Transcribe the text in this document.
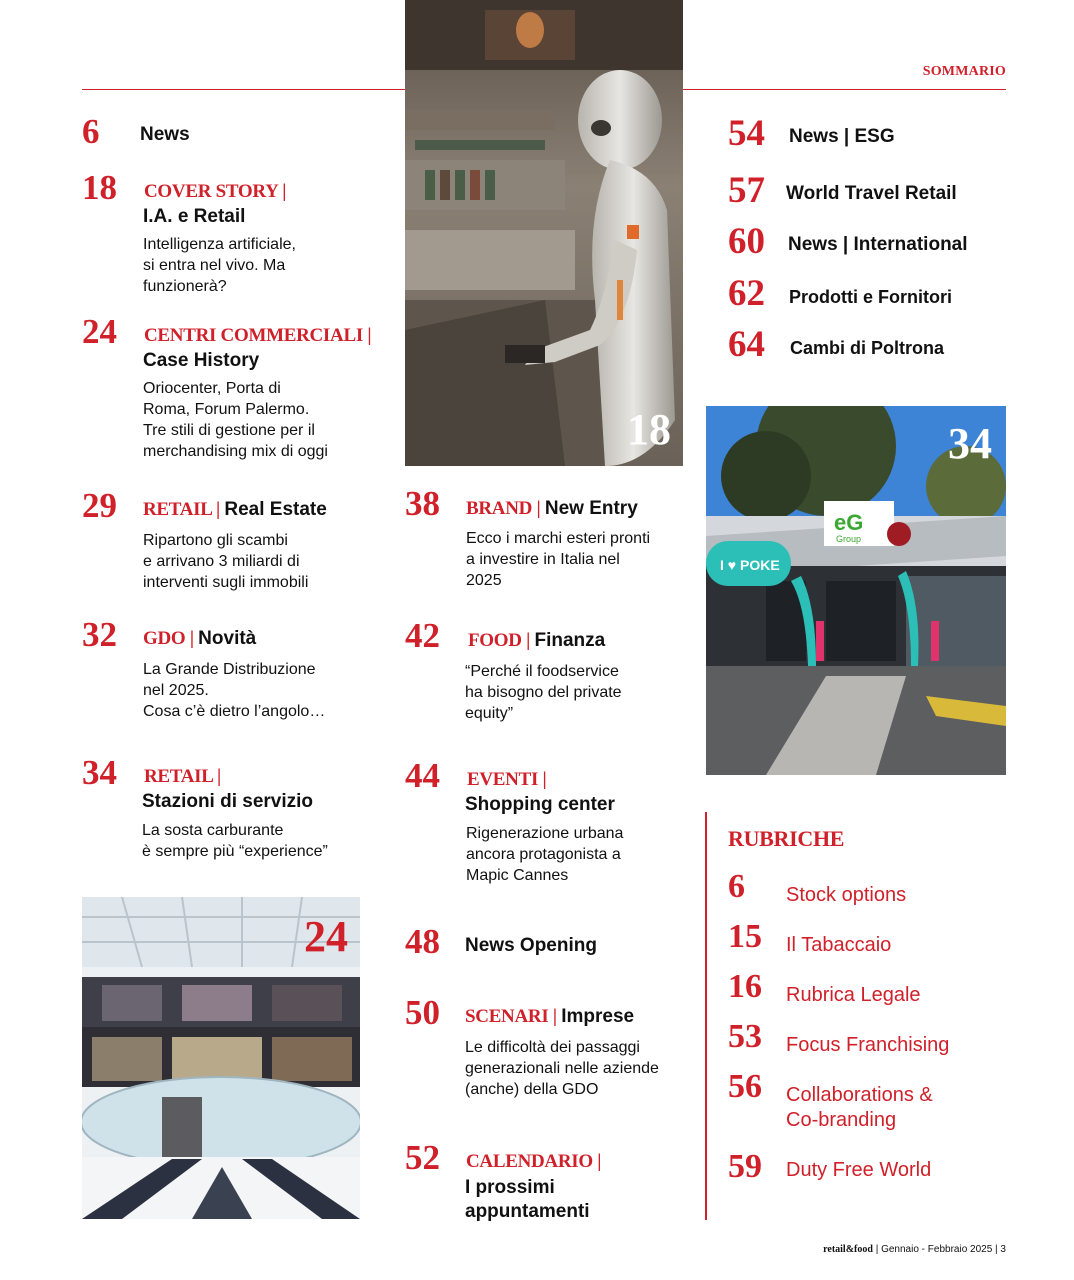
SOMMARIO
18
6 News
18 COVER STORY |
I.A. e Retail
Intelligenza artificiale,
si entra nel vivo. Ma
funzionerà?
24 CENTRI COMMERCIALI |
Case History
Oriocenter, Porta di
Roma, Forum Palermo.
Tre stili di gestione per il
merchandising mix di oggi
29 RETAIL | Real Estate
Ripartono gli scambi
e arrivano 3 miliardi di
interventi sugli immobili
32 GDO | Novità
La Grande Distribuzione
nel 2025.
Cosa c’è dietro l’angolo…
34 RETAIL |
Stazioni di servizio
La sosta carburante
è sempre più “experience”
24
38 BRAND | New Entry
Ecco i marchi esteri pronti
a investire in Italia nel
2025
42 FOOD | Finanza
“Perché il foodservice
ha bisogno del private
equity”
44 EVENTI |
Shopping center
Rigenerazione urbana
ancora protagonista a
Mapic Cannes
48 News Opening
50 SCENARI | Imprese
Le difficoltà dei passaggi
generazionali nelle aziende
(anche) della GDO
52 CALENDARIO |
I prossimi
appuntamenti
54 News | ESG
57 World Travel Retail
60 News | International
62 Prodotti e Fornitori
64 Cambi di Poltrona
I ♥ POKE
eG
Group
34
RUBRICHE
6 Stock options
15 Il Tabaccaio
16 Rubrica Legale
53 Focus Franchising
56 Collaborations &
Co-branding
59 Duty Free World
retail&food | Gennaio - Febbraio 2025 | 3
